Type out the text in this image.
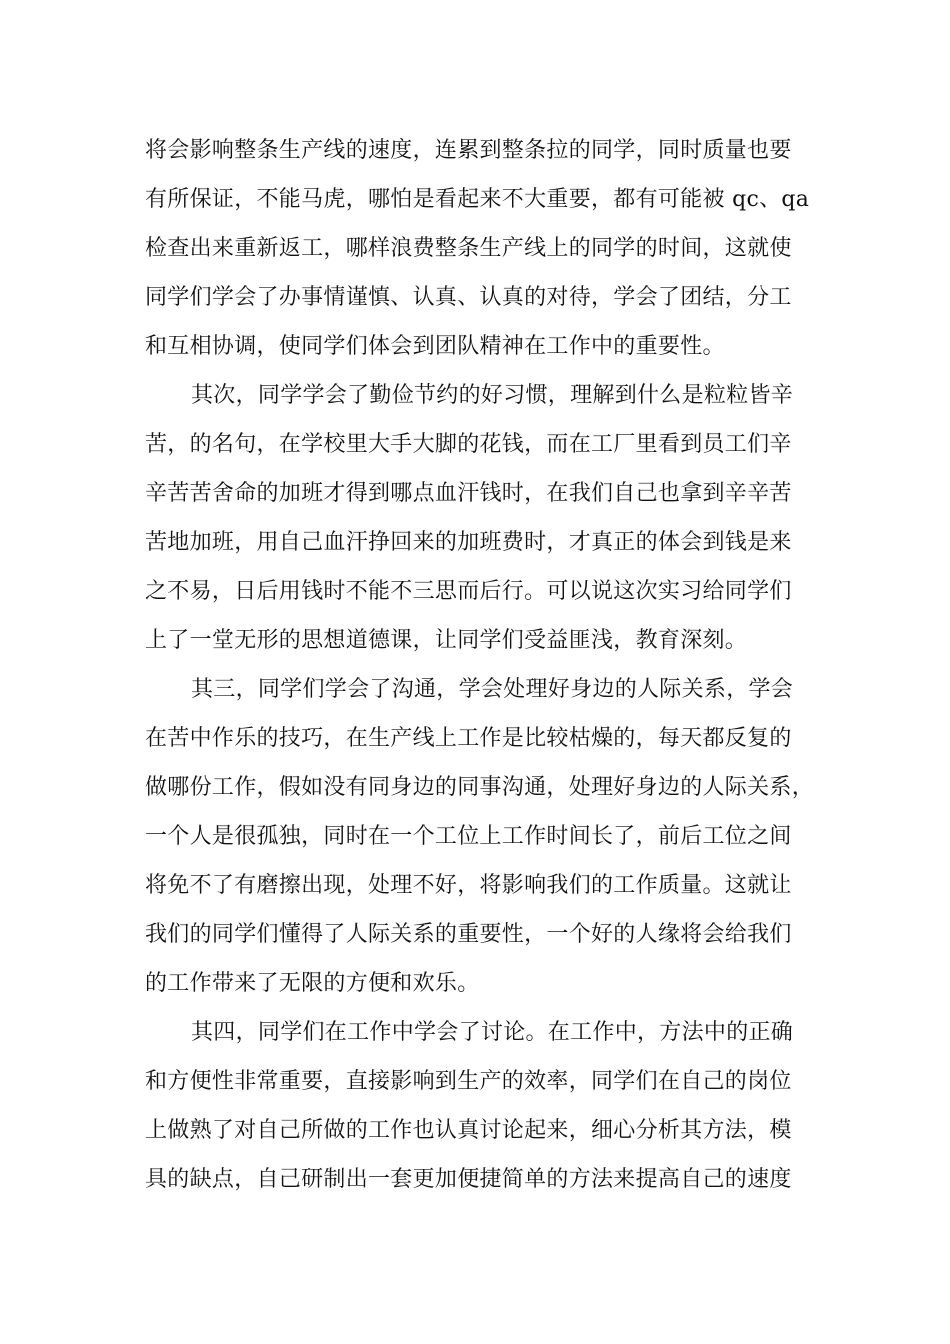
将会影响整条生产线的速度，连累到整条拉的同学，同时质量也要
有所保证，不能马虎，哪怕是看起来不大重要，都有可能被 qc、qa
检查出来重新返工，哪样浪费整条生产线上的同学的时间，这就使
同学们学会了办事情谨慎、认真、认真的对待，学会了团结，分工
和互相协调，使同学们体会到团队精神在工作中的重要性。
其次，同学学会了勤俭节约的好习惯，理解到什么是粒粒皆辛
苦，的名句，在学校里大手大脚的花钱，而在工厂里看到员工们辛
辛苦苦舍命的加班才得到哪点血汗钱时，在我们自己也拿到辛辛苦
苦地加班，用自己血汗挣回来的加班费时，才真正的体会到钱是来
之不易，日后用钱时不能不三思而后行。可以说这次实习给同学们
上了一堂无形的思想道德课，让同学们受益匪浅，教育深刻。
其三，同学们学会了沟通，学会处理好身边的人际关系，学会
在苦中作乐的技巧，在生产线上工作是比较枯燥的，每天都反复的
做哪份工作，假如没有同身边的同事沟通，处理好身边的人际关系，
一个人是很孤独，同时在一个工位上工作时间长了，前后工位之间
将免不了有磨擦出现，处理不好，将影响我们的工作质量。这就让
我们的同学们懂得了人际关系的重要性，一个好的人缘将会给我们
的工作带来了无限的方便和欢乐。
其四，同学们在工作中学会了讨论。在工作中，方法中的正确
和方便性非常重要，直接影响到生产的效率，同学们在自己的岗位
上做熟了对自己所做的工作也认真讨论起来，细心分析其方法，模
具的缺点，自己研制出一套更加便捷简单的方法来提高自己的速度
